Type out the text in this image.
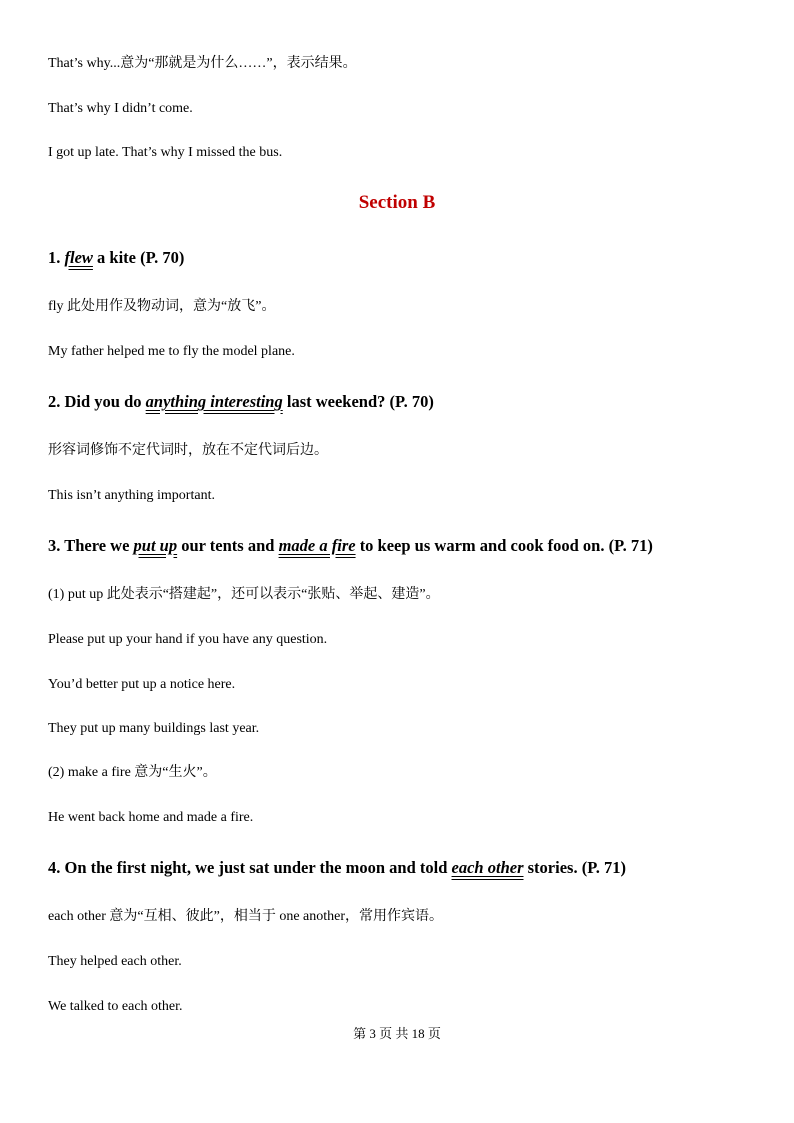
That’s why...意为“那就是为什么……”，表示结果。
That’s why I didn’t come.
I got up late. That’s why I missed the bus.
Section B
1. flew a kite (P. 70)
fly 此处用作及物动词，意为“放飞”。
My father helped me to fly the model plane.
2. Did you do anything interesting last weekend? (P. 70)
形容词修饰不定代词时，放在不定代词后边。
This isn’t anything important.
3. There we put up our tents and made a fire to keep us warm and cook food on. (P. 71)
(1) put up 此处表示“搭建起”，还可以表示“张贴、举起、建造”。
Please put up your hand if you have any question.
You’d better put up a notice here.
They put up many buildings last year.
(2) make a fire 意为“生火”。
He went back home and made a fire.
4. On the first night, we just sat under the moon and told each other stories. (P. 71)
each other 意为“互相、彼此”，相当于 one another，常用作宾语。
They helped each other.
We talked to each other.
第 3 页 共 18 页
